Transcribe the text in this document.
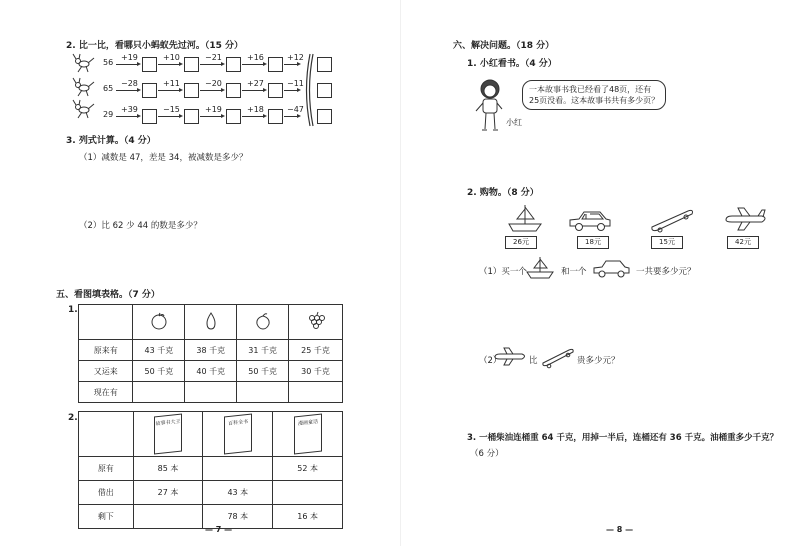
2. 比一比，看哪只小蚂蚁先过河。（15 分）
56
+19	+10	−21	+16	+12
65
−28	+11	−20	+27	−11
29
+39	−15	+19	+18	−47
3. 列式计算。（4 分）
（1）减数是 47，差是 34，被减数是多少？
（2）比 62 少 44 的数是多少？
五、看图填表格。（7 分）
1.

原来有	43 千克	38 千克	31 千克	25 千克
又运来	50 千克	40 千克	50 千克	30 千克
现在有				
2.
	故事书大王	百科全书	漫画童话
原有	85 本		52 本
借出	27 本	43 本	
剩下		78 本	16 本
— 7 —
六、解决问题。（18 分）
1. 小红看书。（4 分）
小红
一本故事书我已经看了48页，还有
25页没看。这本故事书共有多少页？
2. 购物。（8 分）
26元	18元	15元	42元
（1）买一个	和一个	一共要多少元？
（2）	比	贵多少元？
3. 一桶柴油连桶重 64 千克，用掉一半后，连桶还有 36 千克。油桶重多少千克？
（6 分）
— 8 —
